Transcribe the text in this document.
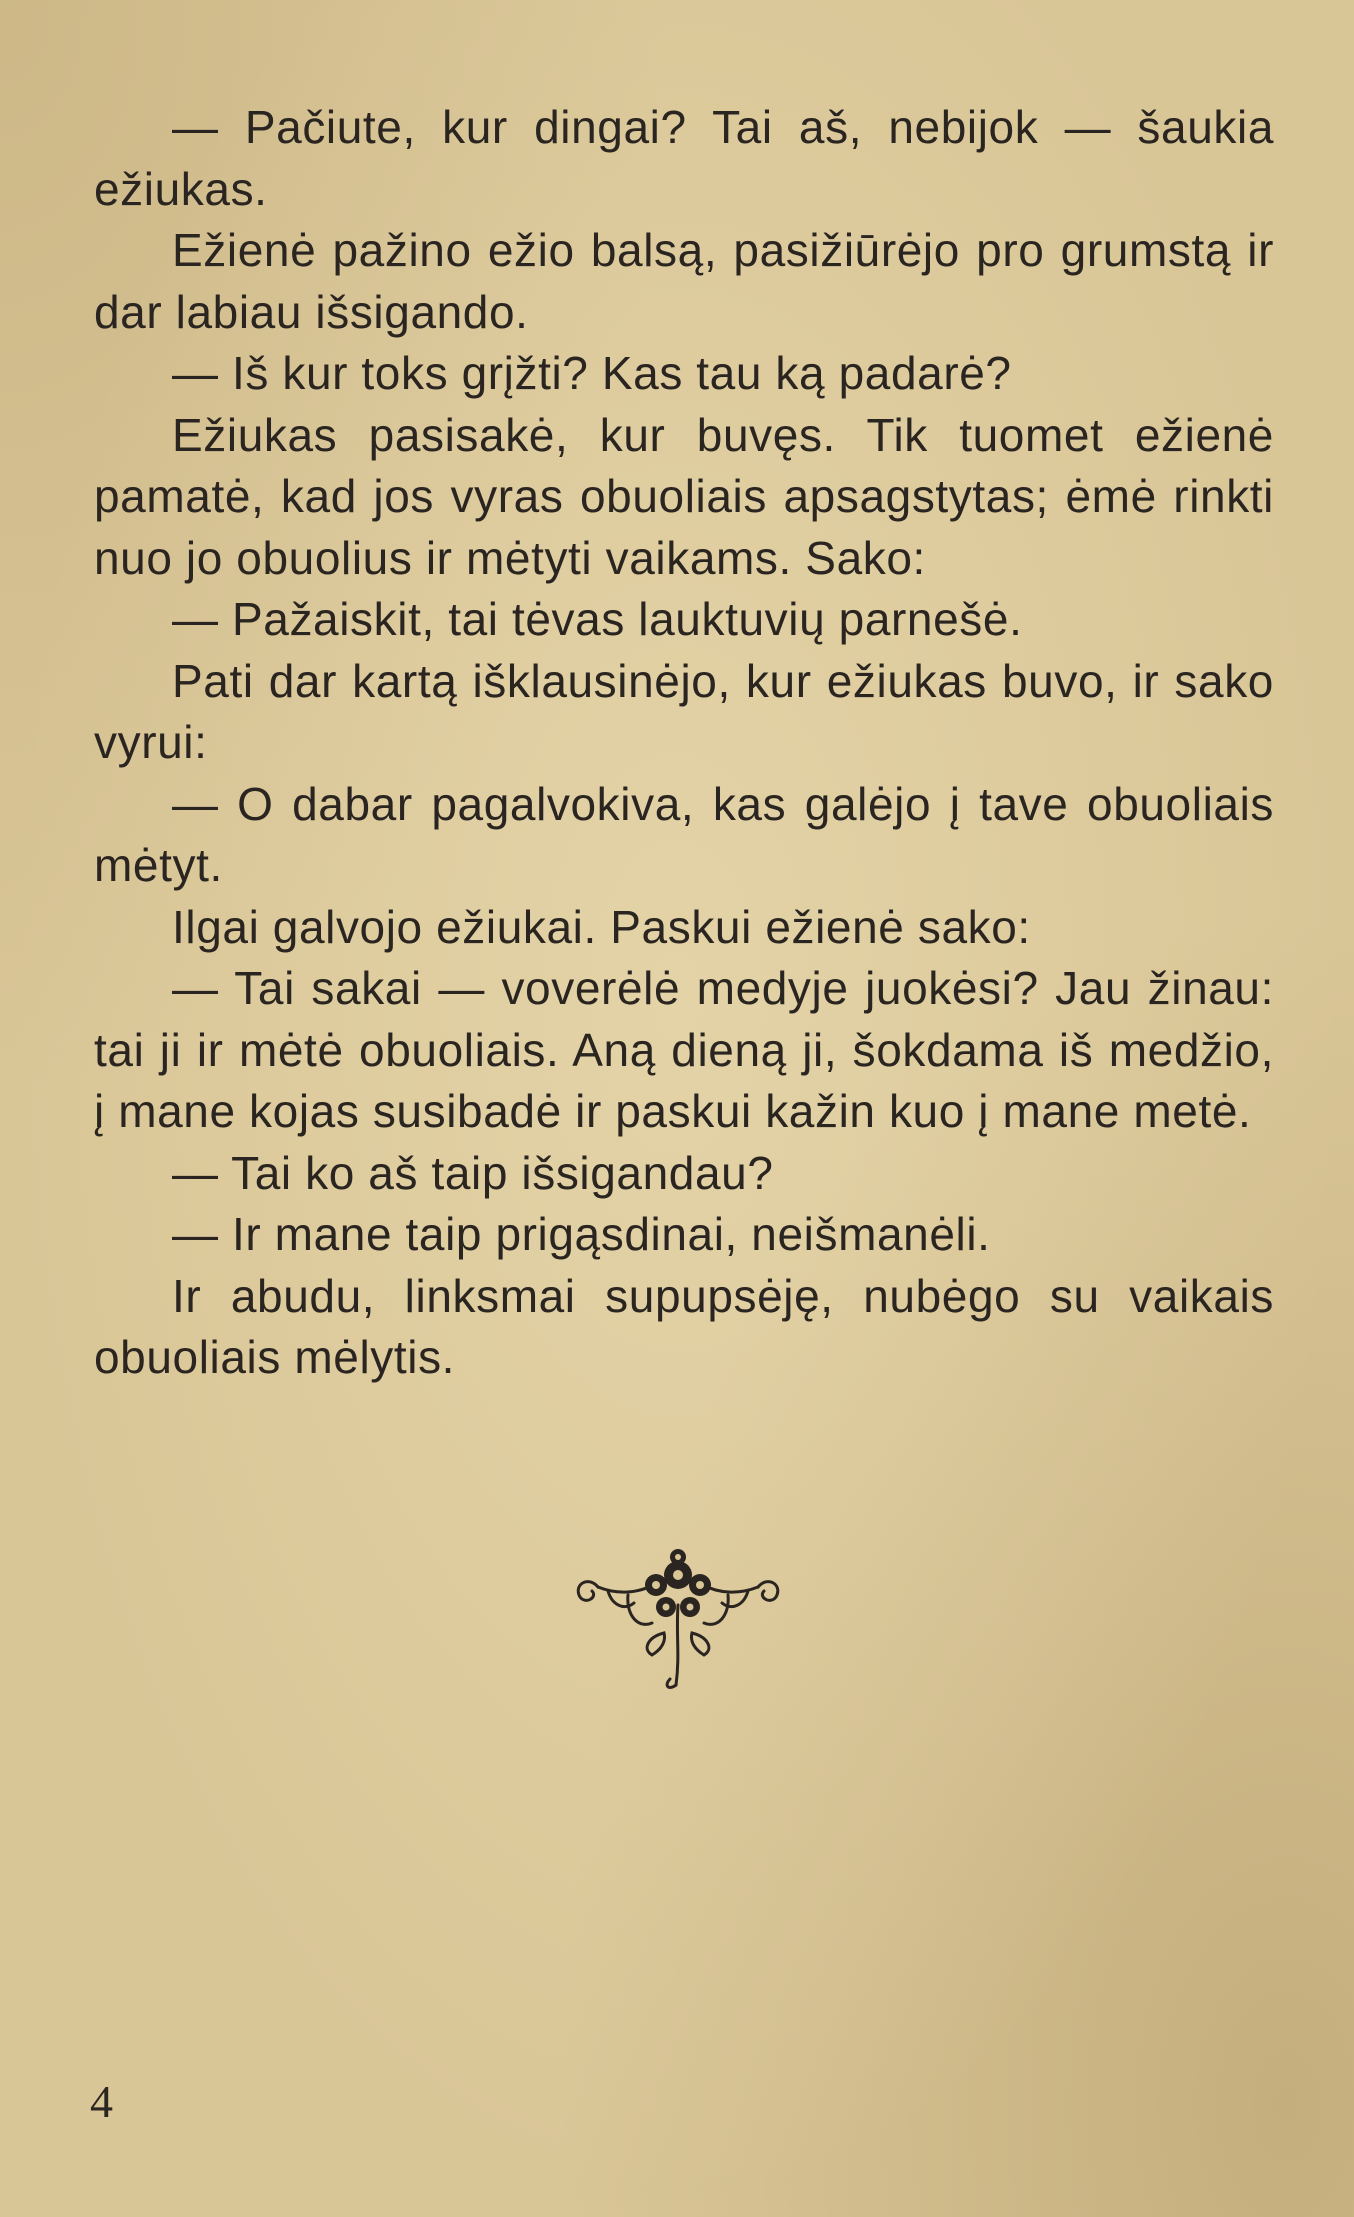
— Pačiute, kur dingai? Tai aš, nebijok — šaukia ežiukas.

Ežienė pažino ežio balsą, pasižiūrėjo pro grumstą ir dar labiau išsigando.

— Iš kur toks grįžti? Kas tau ką padarė?

Ežiukas pasisakė, kur buvęs. Tik tuomet ežienė pamatė, kad jos vyras obuoliais apsagstytas; ėmė rinkti nuo jo obuolius ir mėtyti vaikams. Sako:

— Pažaiskit, tai tėvas lauktuvių parnešė.

Pati dar kartą išklausinėjo, kur ežiukas buvo, ir sako vyrui:

— O dabar pagalvokiva, kas galėjo į tave obuoliais mėtyt.

Ilgai galvojo ežiukai. Paskui ežienė sako:

— Tai sakai — voverėlė medyje juokėsi? Jau žinau: tai ji ir mėtė obuoliais. Aną dieną ji, šokdama iš medžio, į mane kojas susibadė ir paskui kažin kuo į mane metė.

— Tai ko aš taip išsigandau?

— Ir mane taip prigąsdinai, neišmanėli.

Ir abudu, linksmai supupsėję, nubėgo su vaikais obuoliais mėlytis.

4
